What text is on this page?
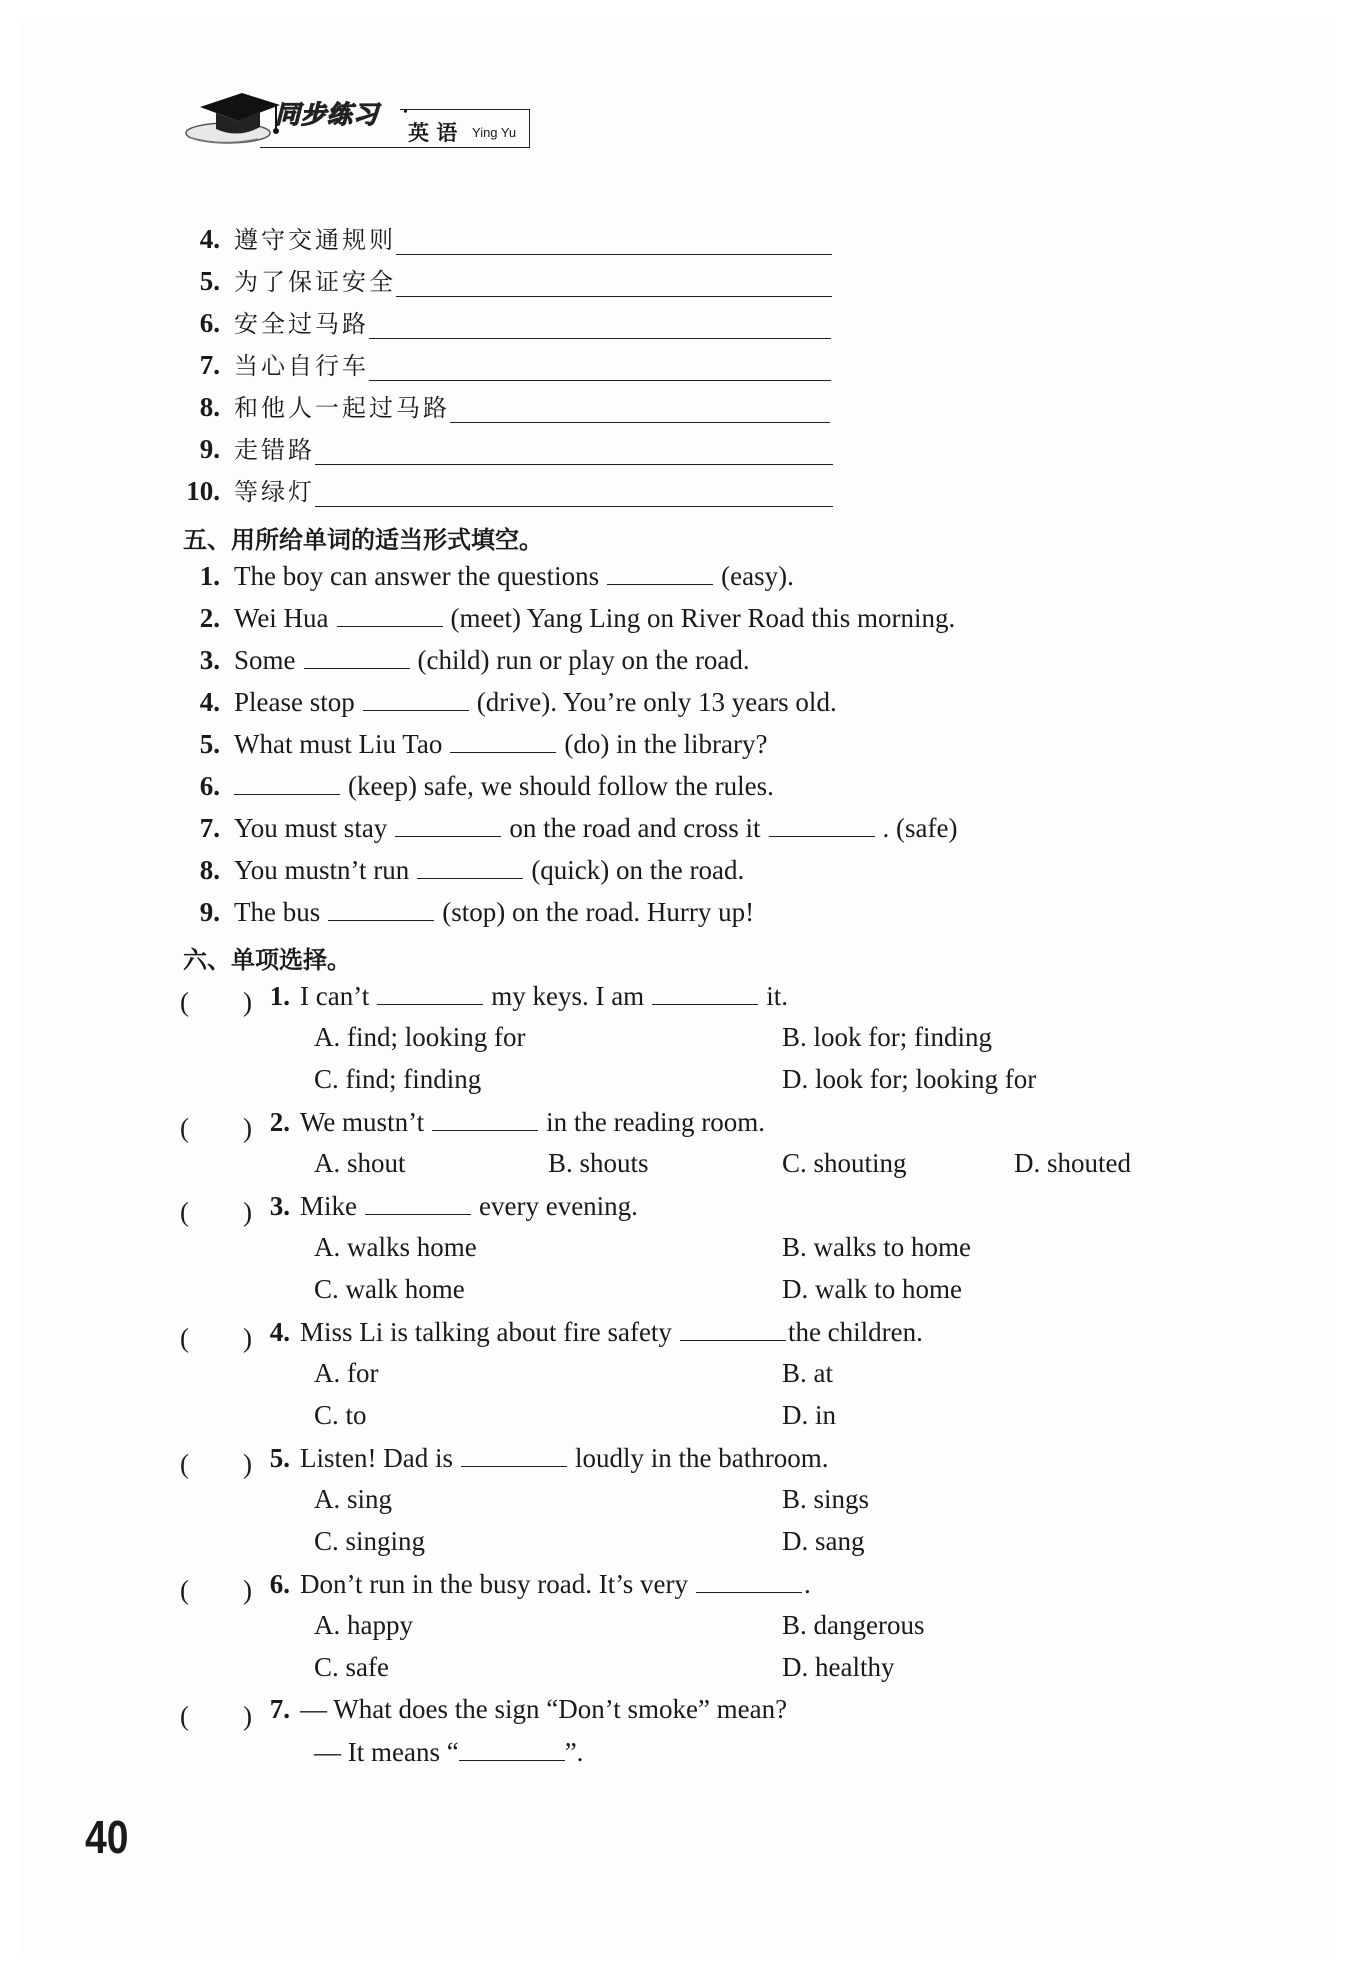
同步练习 •
英 语 Ying Yu
4. 遵守交通规则
5. 为了保证安全
6. 安全过马路
7. 当心自行车
8. 和他人一起过马路
9. 走错路
10. 等绿灯
五、用所给单词的适当形式填空。
1. The boy can answer the questions	(easy).
2. Wei Hua	(meet) Yang Ling on River Road this morning.
3. Some	(child) run or play on the road.
4. Please stop	(drive). You’re only 13 years old.
5. What must Liu Tao	(do) in the library?
6.	(keep) safe, we should follow the rules.
7. You must stay	on the road and cross it	. (safe)
8. You mustn’t run	(quick) on the road.
9. The bus	(stop) on the road. Hurry up!
六、单项选择。
(　　) 1. I can’t	my keys. I am	it.
A. find; looking for	B. look for; finding
C. find; finding	D. look for; looking for
(　　) 2. We mustn’t	in the reading room.
A. shout	B. shouts	C. shouting	D. shouted
(　　) 3. Mike	every evening.
A. walks home	B. walks to home
C. walk home	D. walk to home
(　　) 4. Miss Li is talking about fire safety	the children.
A. for	B. at
C. to	D. in
(　　) 5. Listen! Dad is	loudly in the bathroom.
A. sing	B. sings
C. singing	D. sang
(　　) 6. Don’t run in the busy road. It’s very	.
A. happy	B. dangerous
C. safe	D. healthy
(　　) 7. — What does the sign “Don’t smoke” mean?
— It means “	”.
40
